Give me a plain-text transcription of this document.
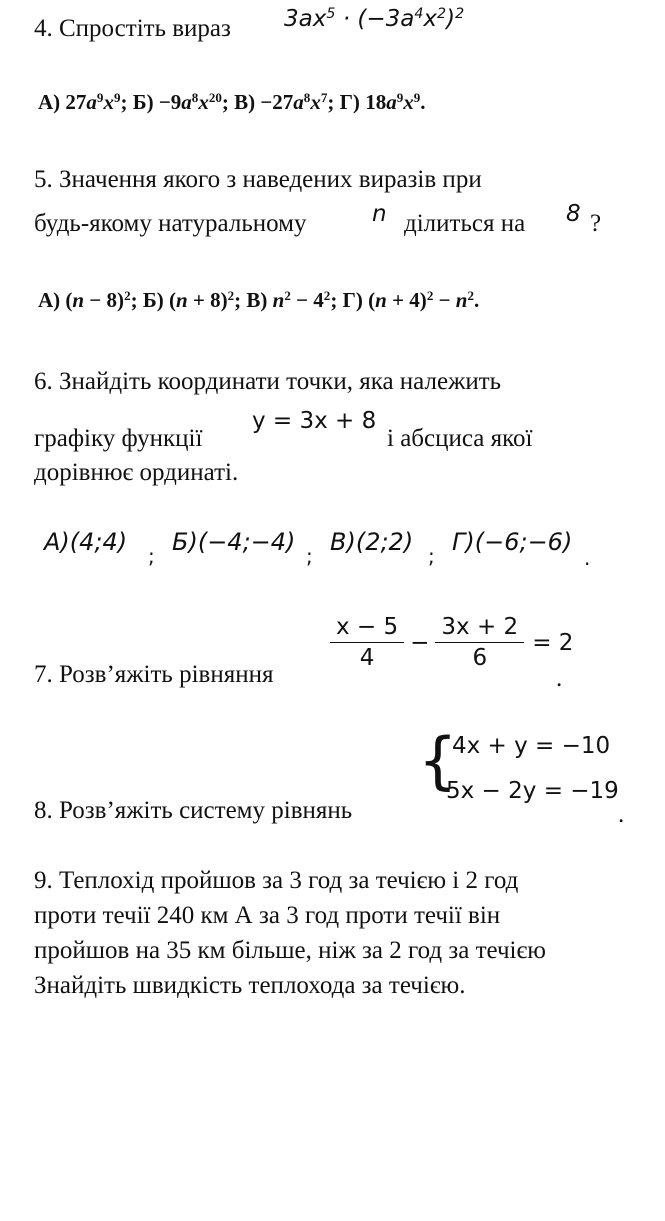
4. Спростіть вираз $3ax^5 \cdot (-3a^4x^2)^2$
А) $27a^9x^9$; $Б) -9a^8x^{20}$; $В) -27a^8x^7$; Г) $18a^9x^9$.
5. Значення якого з наведених виразів при
будь-якому натуральному	n ділиться на 8 ?
А) $(n - 8)^2$; Б) $(n + 8)^2$; В) $n^2 - 4^2$; Г) $(n + 4)^2 - n^2$.
6. Знайдіть координати точки, яка належить
графіку функції
y = 3x + 8
і абсциса якої
дорівнює ординаті.
А)(4;4) ; Б)(−4;−4) ; В)(2;2) ; Г)(−6;−6)
.
7. Розв’яжіть рівняння
$\frac{x - 5}{4} - \frac{3x + 2}{6} = 2$
.
8. Розв’яжіть систему рівнянь
{
4x + y = −10
5x − 2y = −19
.
9. Теплохід пройшов за 3 год за течією і 2 год
проти течії 240 км А за 3 год проти течії він
пройшов на 35 км більше, ніж за 2 год за течією
Знайдіть швидкість теплохода за течією.
